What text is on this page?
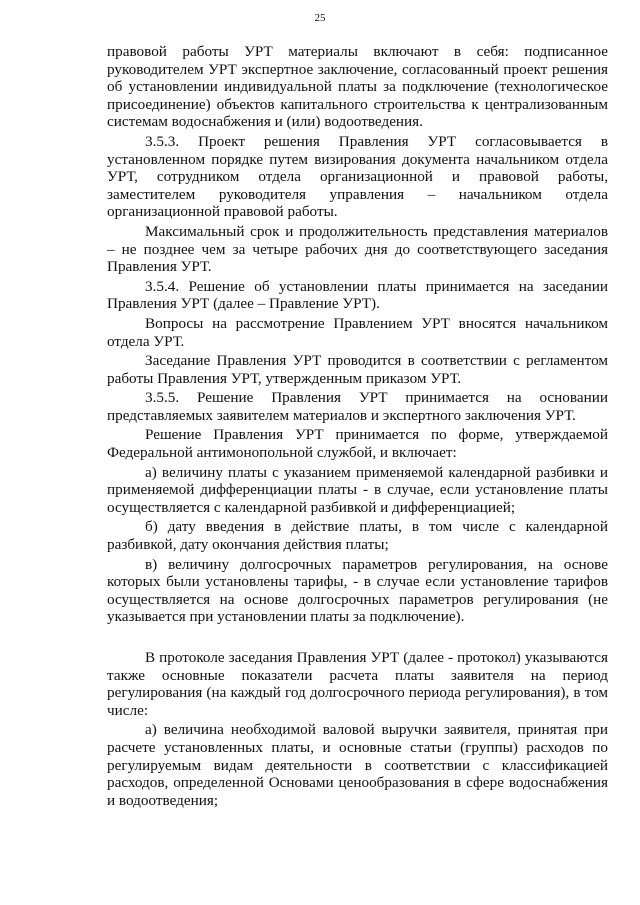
25

правовой работы УРТ материалы включают в себя: подписанное руководителем УРТ экспертное заключение, согласованный проект решения об установлении индивидуальной платы за подключение (технологическое присоединение) объектов капитального строительства к централизованным системам водоснабжения и (или) водоотведения.

3.5.3. Проект решения Правления УРТ согласовывается в установленном порядке путем визирования документа начальником отдела УРТ, сотрудником отдела организационной и правовой работы, заместителем руководителя управления – начальником отдела организационной правовой работы.

Максимальный срок и продолжительность представления материалов – не позднее чем за четыре рабочих дня до соответствующего заседания Правления УРТ.

3.5.4. Решение об установлении платы принимается на заседании Правления УРТ (далее – Правление УРТ).

Вопросы на рассмотрение Правлением УРТ вносятся начальником отдела УРТ.

Заседание Правления УРТ проводится в соответствии с регламентом работы Правления УРТ, утвержденным приказом УРТ.

3.5.5. Решение Правления УРТ принимается на основании представляемых заявителем материалов и экспертного заключения УРТ.

Решение Правления УРТ принимается по форме, утверждаемой Федеральной антимонопольной службой, и включает:

а) величину платы с указанием применяемой календарной разбивки и применяемой дифференциации платы - в случае, если установление платы осуществляется с календарной разбивкой и дифференциацией;

б) дату введения в действие платы, в том числе с календарной разбивкой, дату окончания действия платы;

в) величину долгосрочных параметров регулирования, на основе которых были установлены тарифы, - в случае если установление тарифов осуществляется на основе долгосрочных параметров регулирования (не указывается при установлении платы за подключение).

В протоколе заседания Правления УРТ (далее - протокол) указываются также основные показатели расчета платы заявителя на период регулирования (на каждый год долгосрочного периода регулирования), в том числе:

а) величина необходимой валовой выручки заявителя, принятая при расчете установленных платы, и основные статьи (группы) расходов по регулируемым видам деятельности в соответствии с классификацией расходов, определенной Основами ценообразования в сфере водоснабжения и водоотведения;
